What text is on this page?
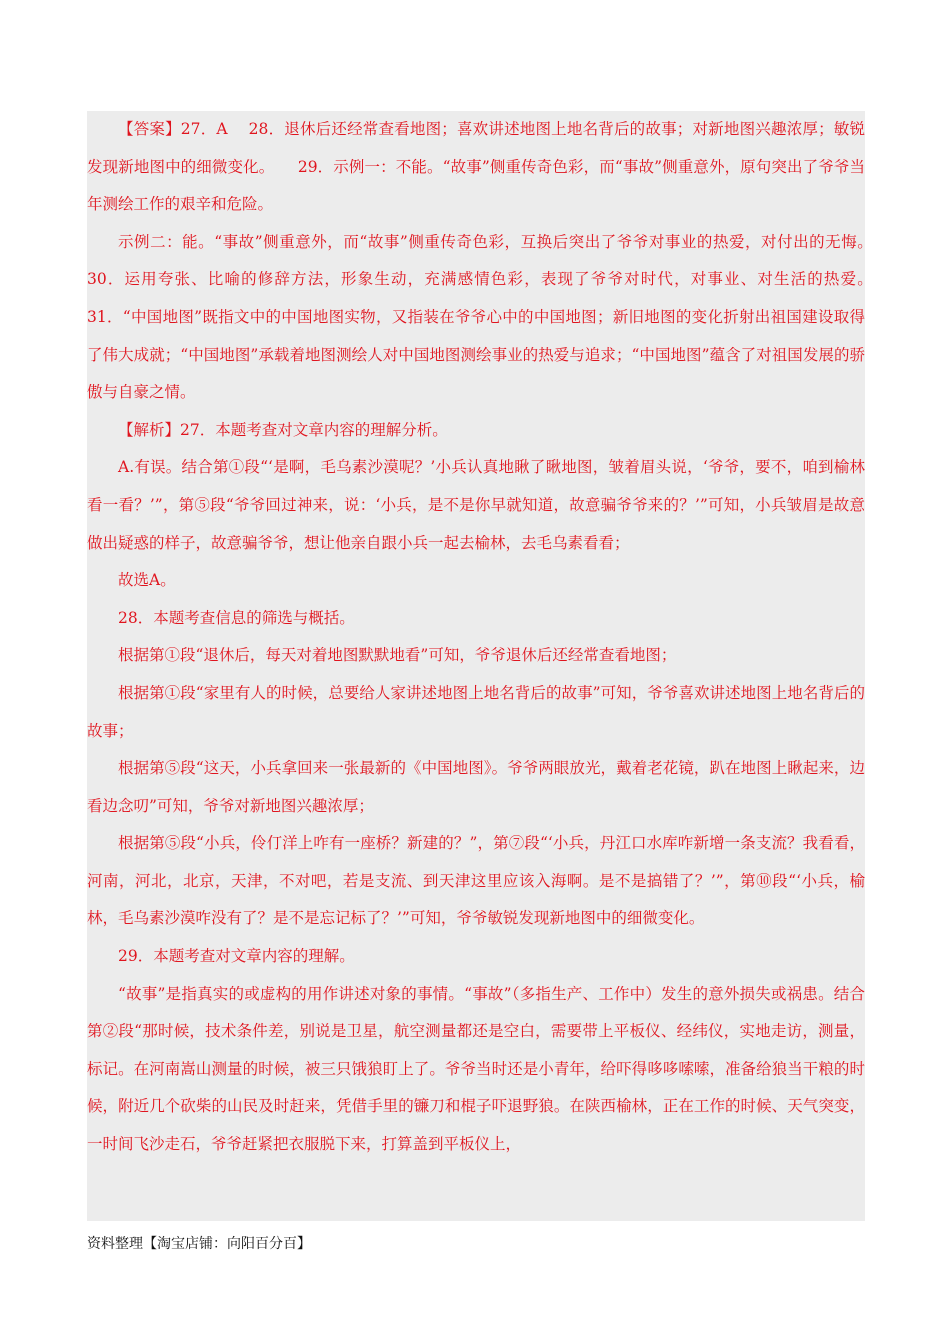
【答案】27．A　 28．退休后还经常查看地图；喜欢讲述地图上地名背后的故事；对新地图兴趣浓厚；敏锐发现新地图中的细微变化。　　29．示例一：不能。“故事”侧重传奇色彩，而“事故”侧重意外，原句突出了爷爷当年测绘工作的艰辛和危险。

示例二：能。“事故”侧重意外，而“故事”侧重传奇色彩，互换后突出了爷爷对事业的热爱，对付出的无悔。　　30．运用夸张、比喻的修辞方法，形象生动，充满感情色彩，表现了爷爷对时代，对事业、对生活的热爱。　　31．“中国地图”既指文中的中国地图实物，又指装在爷爷心中的中国地图；新旧地图的变化折射出祖国建设取得了伟大成就；“中国地图”承载着地图测绘人对中国地图测绘事业的热爱与追求；“中国地图”蕴含了对祖国发展的骄傲与自豪之情。

【解析】27．本题考查对文章内容的理解分析。

A.有误。结合第①段“‘是啊，毛乌素沙漠呢？’小兵认真地瞅了瞅地图，皱着眉头说，‘爷爷，要不，咱到榆林看一看？’”，第⑤段“爷爷回过神来，说：‘小兵，是不是你早就知道，故意骗爷爷来的？’”可知，小兵皱眉是故意做出疑惑的样子，故意骗爷爷，想让他亲自跟小兵一起去榆林，去毛乌素看看；

故选A。

28．本题考查信息的筛选与概括。

根据第①段“退休后，每天对着地图默默地看”可知，爷爷退休后还经常查看地图；

根据第①段“家里有人的时候，总要给人家讲述地图上地名背后的故事”可知，爷爷喜欢讲述地图上地名背后的故事；

根据第⑤段“这天，小兵拿回来一张最新的《中国地图》。爷爷两眼放光，戴着老花镜，趴在地图上瞅起来，边看边念叨”可知，爷爷对新地图兴趣浓厚；

根据第⑤段“小兵，伶仃洋上咋有一座桥？新建的？”，第⑦段“‘小兵，丹江口水库咋新增一条支流？我看看，河南，河北，北京，天津，不对吧，若是支流、到天津这里应该入海啊。是不是搞错了？’”，第⑩段“‘小兵，榆林，毛乌素沙漠咋没有了？是不是忘记标了？’”可知，爷爷敏锐发现新地图中的细微变化。

29．本题考查对文章内容的理解。

“故事”是指真实的或虚构的用作讲述对象的事情。“事故”（多指生产、工作中）发生的意外损失或祸患。结合第②段“那时候，技术条件差，别说是卫星，航空测量都还是空白，需要带上平板仪、经纬仪，实地走访，测量，标记。在河南嵩山测量的时候，被三只饿狼盯上了。爷爷当时还是小青年，给吓得哆哆嗦嗦，准备给狼当干粮的时候，附近几个砍柴的山民及时赶来，凭借手里的镰刀和棍子吓退野狼。在陕西榆林，正在工作的时候、天气突变，一时间飞沙走石，爷爷赶紧把衣服脱下来，打算盖到平板仪上，

资料整理【淘宝店铺：向阳百分百】
